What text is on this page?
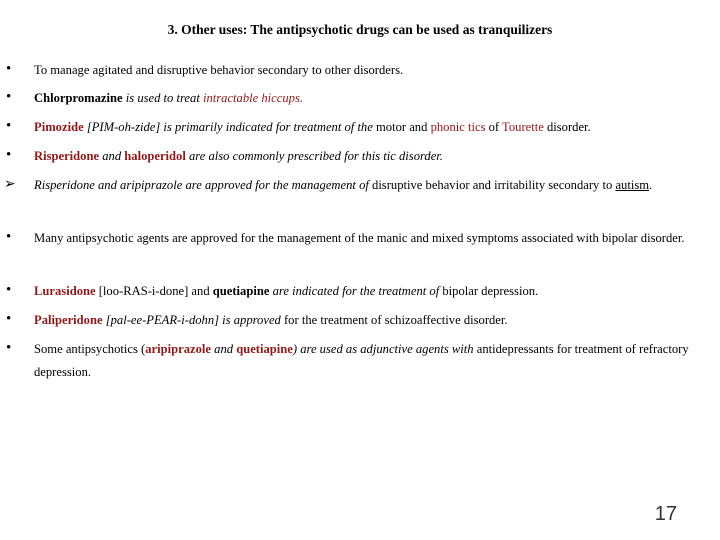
3. Other uses: The antipsychotic drugs can be used as tranquilizers
• To manage agitated and disruptive behavior secondary to other disorders.
• Chlorpromazine is used to treat intractable hiccups.
• Pimozide [PIM-oh-zide] is primarily indicated for treatment of the motor and phonic tics of Tourette disorder.
• Risperidone and haloperidol are also commonly prescribed for this tic disorder.
➢ Risperidone and aripiprazole are approved for the management of disruptive behavior and irritability secondary to autism.
• Many antipsychotic agents are approved for the management of the manic and mixed symptoms associated with bipolar disorder.
• Lurasidone [loo-RAS-i-done] and quetiapine are indicated for the treatment of bipolar depression.
• Paliperidone [pal-ee-PEAR-i-dohn] is approved for the treatment of schizoaffective disorder.
• Some antipsychotics (aripiprazole and quetiapine) are used as adjunctive agents with antidepressants for treatment of refractory depression.
17
